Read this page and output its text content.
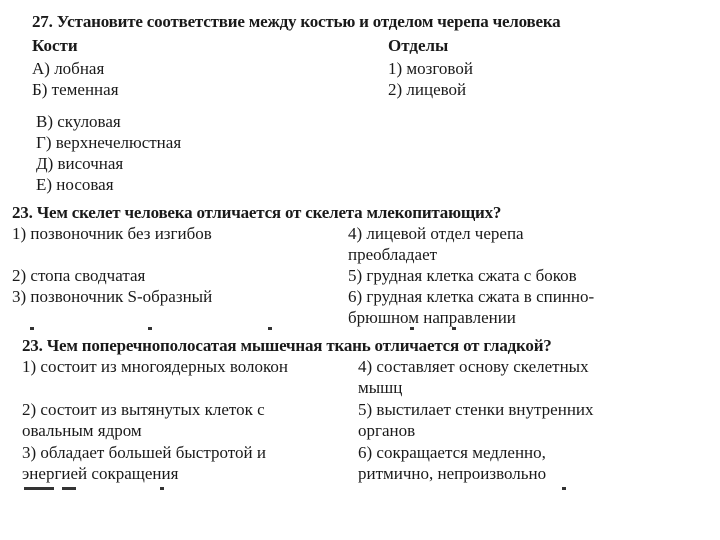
27. Установите соответствие между костью и отделом черепа человека
Кости	Отделы
А) лобная
Б) теменная
1) мозговой
2) лицевой
В) скуловая
Г) верхнечелюстная
Д) височная
Е) носовая
23. Чем скелет человека отличается от скелета млекопитающих?
1) позвоночник без изгибов
2) стопа сводчатая
3) позвоночник S-образный
4) лицевой отдел черепа
преобладает
5) грудная клетка сжата с боков
6) грудная клетка сжата в спинно-
брюшном направлении
23. Чем поперечнополосатая мышечная ткань отличается от гладкой?
1) состоит из многоядерных волокон
2) состоит из вытянутых клеток с
овальным ядром
3) обладает большей быстротой и
энергией сокращения
4) составляет основу скелетных
мышц
5) выстилает стенки внутренних
органов
6) сокращается медленно,
ритмично, непроизвольно
